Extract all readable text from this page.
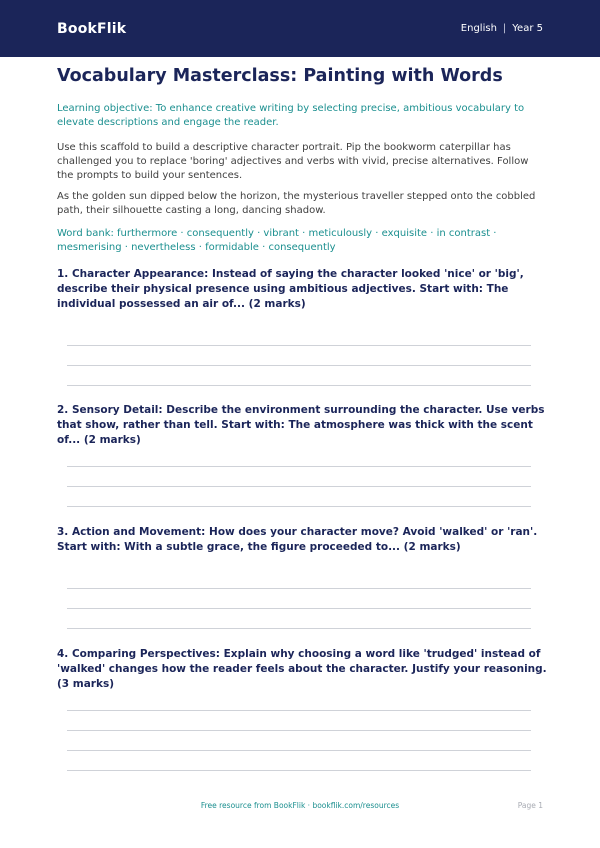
BookFlik	English | Year 5
Vocabulary Masterclass: Painting with Words

Learning objective: To enhance creative writing by selecting precise, ambitious vocabulary to elevate descriptions and engage the reader.

Use this scaffold to build a descriptive character portrait. Pip the bookworm caterpillar has challenged you to replace 'boring' adjectives and verbs with vivid, precise alternatives. Follow the prompts to build your sentences.

As the golden sun dipped below the horizon, the mysterious traveller stepped onto the cobbled path, their silhouette casting a long, dancing shadow.

Word bank: furthermore · consequently · vibrant · meticulously · exquisite · in contrast · mesmerising · nevertheless · formidable · consequently

1. Character Appearance: Instead of saying the character looked 'nice' or 'big', describe their physical presence using ambitious adjectives. Start with: The individual possessed an air of... (2 marks)

2. Sensory Detail: Describe the environment surrounding the character. Use verbs that show, rather than tell. Start with: The atmosphere was thick with the scent of... (2 marks)

3. Action and Movement: How does your character move? Avoid 'walked' or 'ran'. Start with: With a subtle grace, the figure proceeded to... (2 marks)

4. Comparing Perspectives: Explain why choosing a word like 'trudged' instead of 'walked' changes how the reader feels about the character. Justify your reasoning. (3 marks)

Free resource from BookFlik · bookflik.com/resources	Page 1
